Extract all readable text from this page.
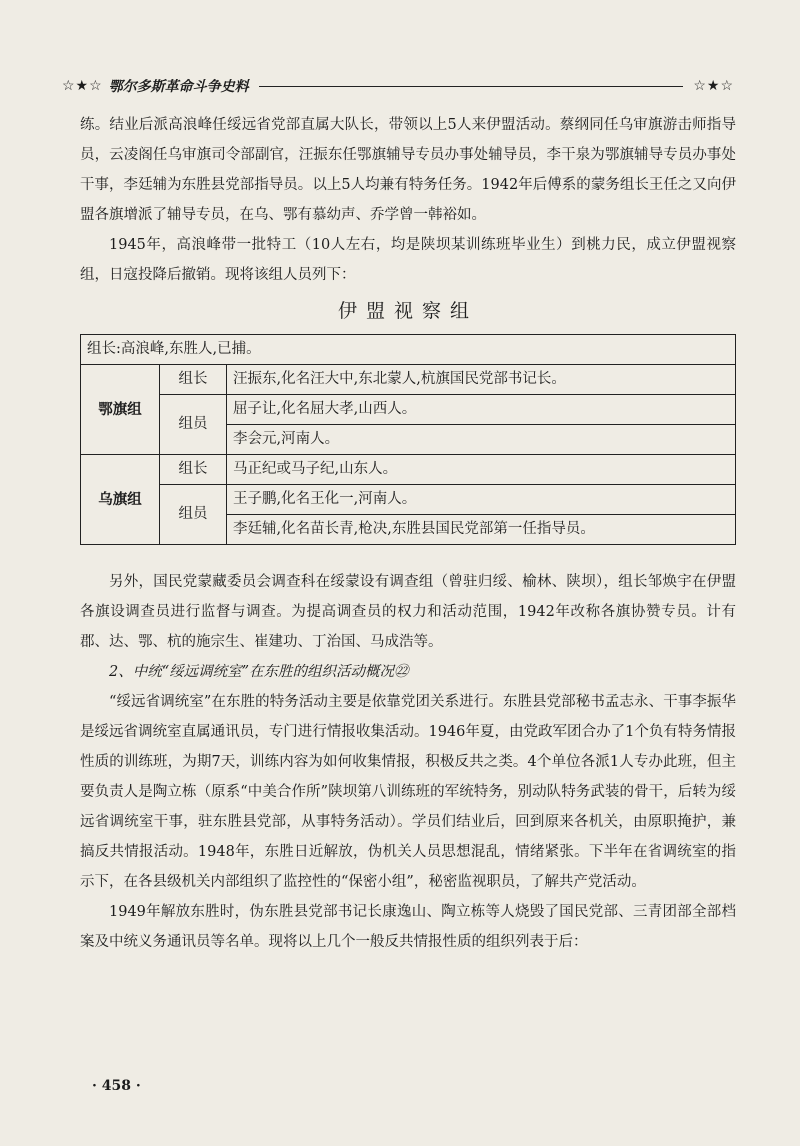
☆★☆ 鄂尔多斯革命斗争史料	☆★☆

练。结业后派高浪峰任绥远省党部直属大队长，带领以上5人来伊盟活动。蔡纲同任乌审旗游击师指导员，云凌阁任乌审旗司令部副官，汪振东任鄂旗辅导专员办事处辅导员，李干泉为鄂旗辅导专员办事处干事，李廷辅为东胜县党部指导员。以上5人均兼有特务任务。1942年后傅系的蒙务组长王任之又向伊盟各旗增派了辅导专员，在乌、鄂有慕幼声、乔学曾一韩裕如。

1945年，高浪峰带一批特工（10人左右，均是陕坝某训练班毕业生）到桃力民，成立伊盟视察组，日寇投降后撤销。现将该组人员列下：

伊盟视察组
组长:高浪峰,东胜人,已捕。		
鄂旗组	组长	汪振东,化名汪大中,东北蒙人,杭旗国民党部书记长。
	组员	屈子让,化名屈大孝,山西人。
		李会元,河南人。
乌旗组	组长	马正纪或马子纪,山东人。
	组员	王子鹏,化名王化一,河南人。
		李廷辅,化名苗长青,枪决,东胜县国民党部第一任指导员。

另外，国民党蒙藏委员会调查科在绥蒙设有调查组（曾驻归绥、榆林、陕坝），组长邹焕宇在伊盟各旗设调查员进行监督与调查。为提高调查员的权力和活动范围，1942年改称各旗协赞专员。计有郡、达、鄂、杭的施宗生、崔建功、丁治国、马成浩等。

2、中统“绥远调统室”在东胜的组织活动概况㉒

“绥远省调统室”在东胜的特务活动主要是依靠党团关系进行。东胜县党部秘书孟志永、干事李振华是绥远省调统室直属通讯员，专门进行情报收集活动。1946年夏，由党政军团合办了1个负有特务情报性质的训练班，为期7天，训练内容为如何收集情报，积极反共之类。4个单位各派1人专办此班，但主要负责人是陶立栋（原系“中美合作所”陕坝第八训练班的军统特务，别动队特务武装的骨干，后转为绥远省调统室干事，驻东胜县党部，从事特务活动）。学员们结业后，回到原来各机关，由原职掩护，兼搞反共情报活动。1948年，东胜日近解放，伪机关人员思想混乱，情绪紧张。下半年在省调统室的指示下，在各县级机关内部组织了监控性的“保密小组”，秘密监视职员，了解共产党活动。

1949年解放东胜时，伪东胜县党部书记长康逸山、陶立栋等人烧毁了国民党部、三青团部全部档案及中统义务通讯员等名单。现将以上几个一般反共情报性质的组织列表于后：

· 458 ·
